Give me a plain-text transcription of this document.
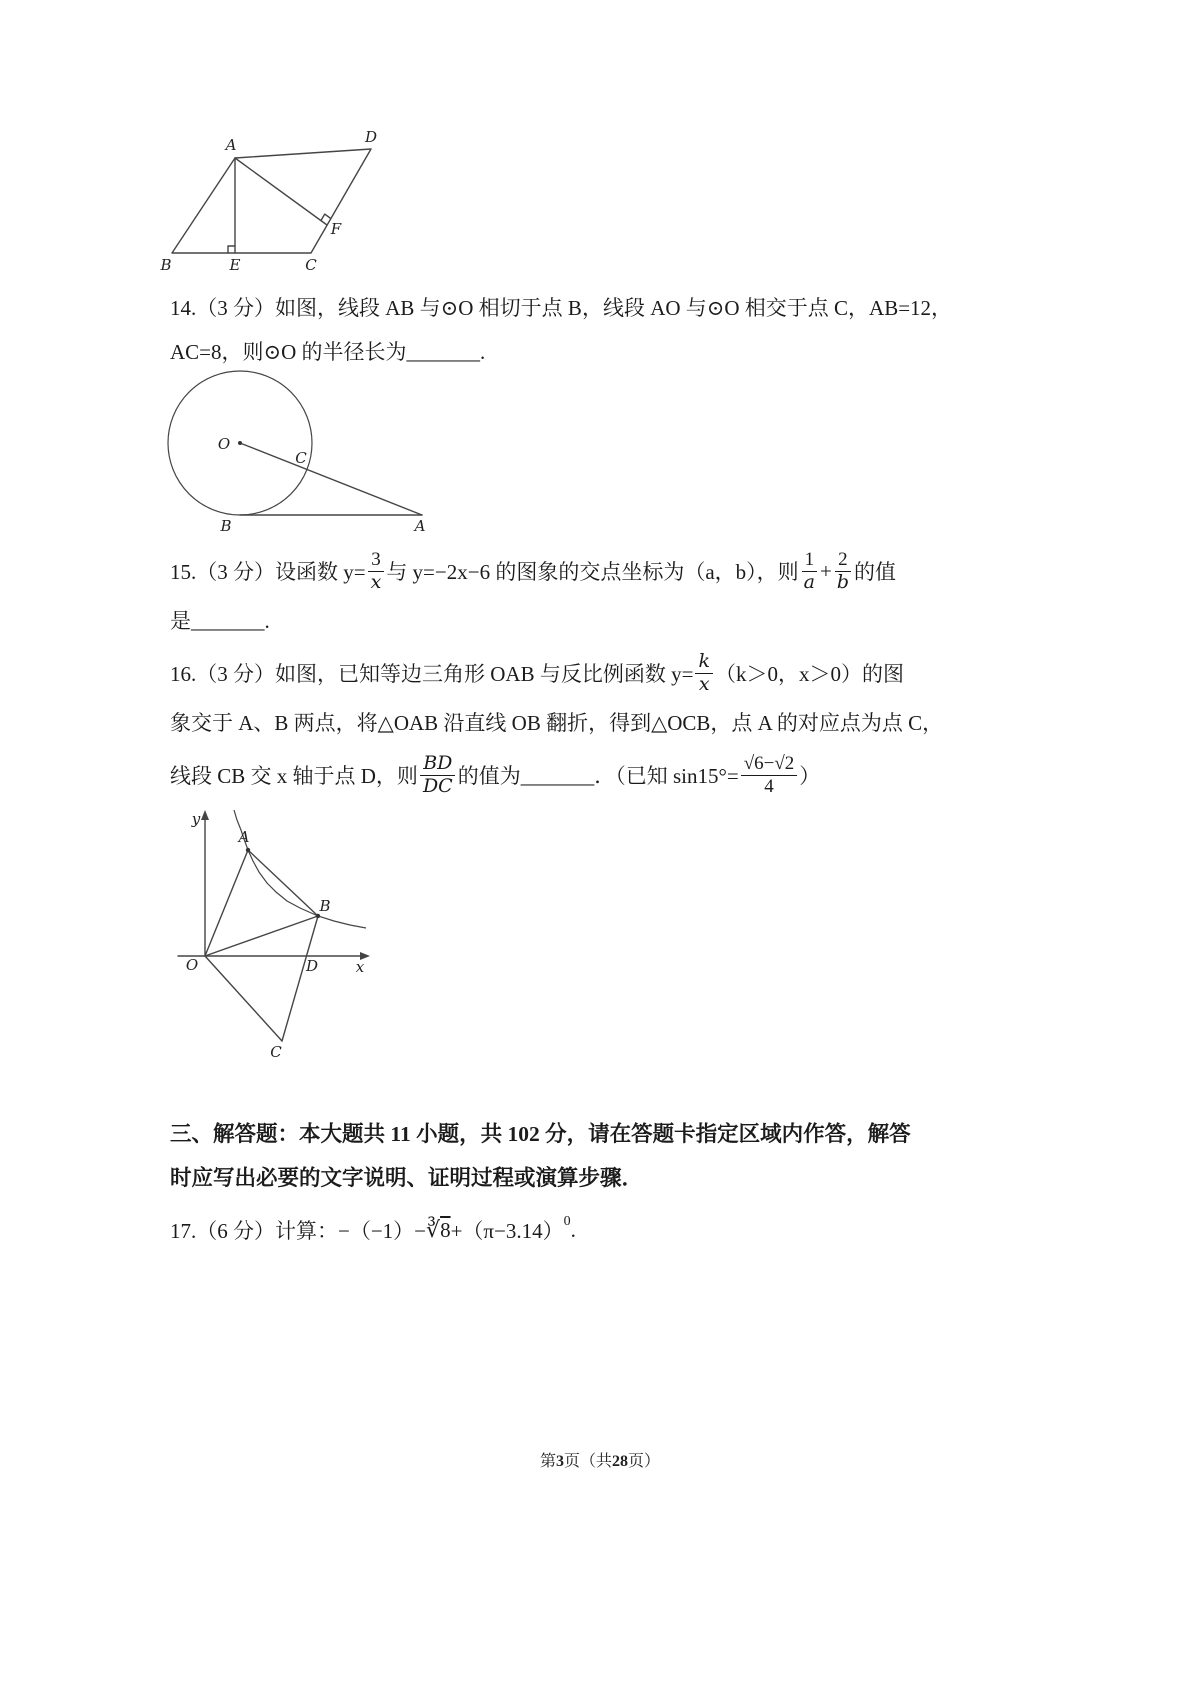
A	D
B	E	C
F
14.（3 分）如图，线段 AB 与⊙O 相切于点 B，线段 AO 与⊙O 相交于点 C，AB=12，
AC=8，则⊙O 的半径长为_______.
O
C
B	A
15.（3 分）设函数 $y= \frac{3}{x}$ 与 y=−2x−6 的图象的交点坐标为（a，b），则 $\frac{1}{a} + \frac{2}{b}$ 的值
是_______.
16.（3 分）如图，已知等边三角形 OAB 与反比例函数 $y= \frac{k}{x} (k>0$，x＞0）的图
象交于 A、B 两点，将△OAB 沿直线 OB 翻折，得到△OCB，点 A 的对应点为点 C，
线段 CB 交 x 轴于点 D，则 $\frac{BD}{DC}$ 的值为_______．（已知 $\sin 15^\circ= \frac{√6-√2}{4}$ ）
y
x
O
A
B
D
C
三、解答题：本大题共 11 小题，共 102 分，请在答题卡指定区域内作答，解答
时应写出必要的文字说明、证明过程或演算步骤．
17.（6 分）计算：−（−1）− ∛ 8 +（π−3.14） 0 .
第3页（共28页）
